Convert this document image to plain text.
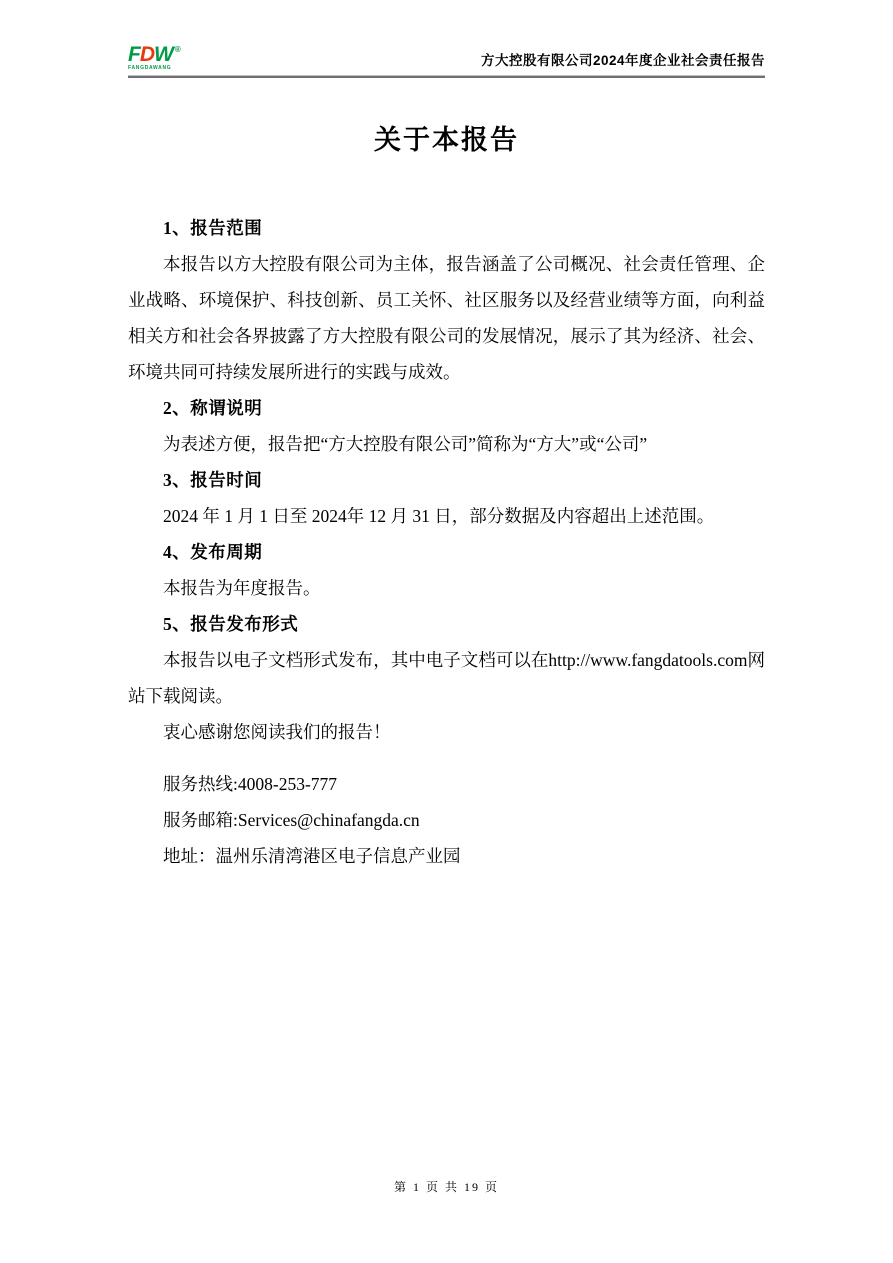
FDW ®
FANGDAWANG	方大控股有限公司2024年度企业社会责任报告
关于本报告

1、报告范围

本报告以方大控股有限公司为主体，报告涵盖了公司概况、社会责任管理、企业战略、环境保护、科技创新、员工关怀、社区服务以及经营业绩等方面，向利益相关方和社会各界披露了方大控股有限公司的发展情况，展示了其为经济、社会、环境共同可持续发展所进行的实践与成效。

2、称谓说明

为表述方便，报告把“方大控股有限公司”简称为“方大”或“公司”

3、报告时间

2024 年 1 月 1 日至 2024年 12 月 31 日，部分数据及内容超出上述范围。

4、发布周期

本报告为年度报告。

5、报告发布形式

本报告以电子文档形式发布，其中电子文档可以在http://www.fangdatools.com网站下载阅读。

衷心感谢您阅读我们的报告！

服务热线:4008-253-777

服务邮箱:Services@chinafangda.cn

地址：温州乐清湾港区电子信息产业园

第 1 页 共 19 页
